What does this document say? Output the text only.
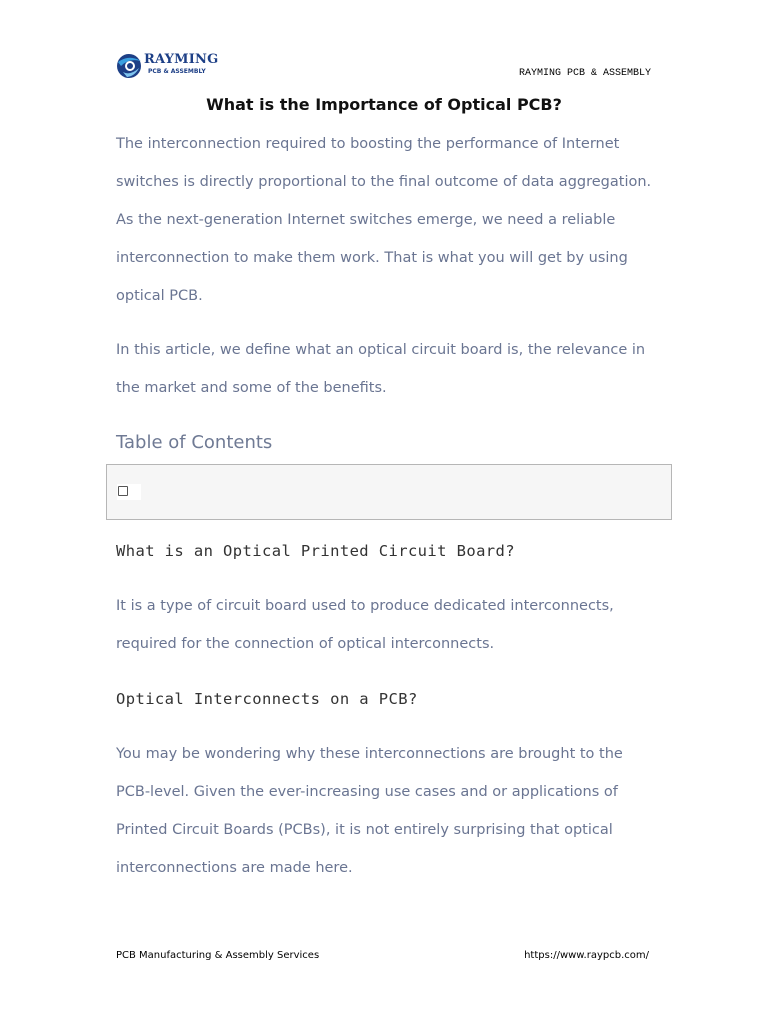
RAYMING
PCB & ASSEMBLY	RAYMING PCB & ASSEMBLY
What is the Importance of Optical PCB?
The interconnection required to boosting the performance of Internet switches is directly proportional to the final outcome of data aggregation. As the next-generation Internet switches emerge, we need a reliable interconnection to make them work. That is what you will get by using optical PCB.
In this article, we define what an optical circuit board is, the relevance in the market and some of the benefits.
Table of Contents
What is an Optical Printed Circuit Board?
It is a type of circuit board used to produce dedicated interconnects, required for the connection of optical interconnects.
Optical Interconnects on a PCB?
You may be wondering why these interconnections are brought to the PCB-level. Given the ever-increasing use cases and or applications of Printed Circuit Boards (PCBs), it is not entirely surprising that optical interconnections are made here.
PCB Manufacturing & Assembly Services	https://www.raypcb.com/
